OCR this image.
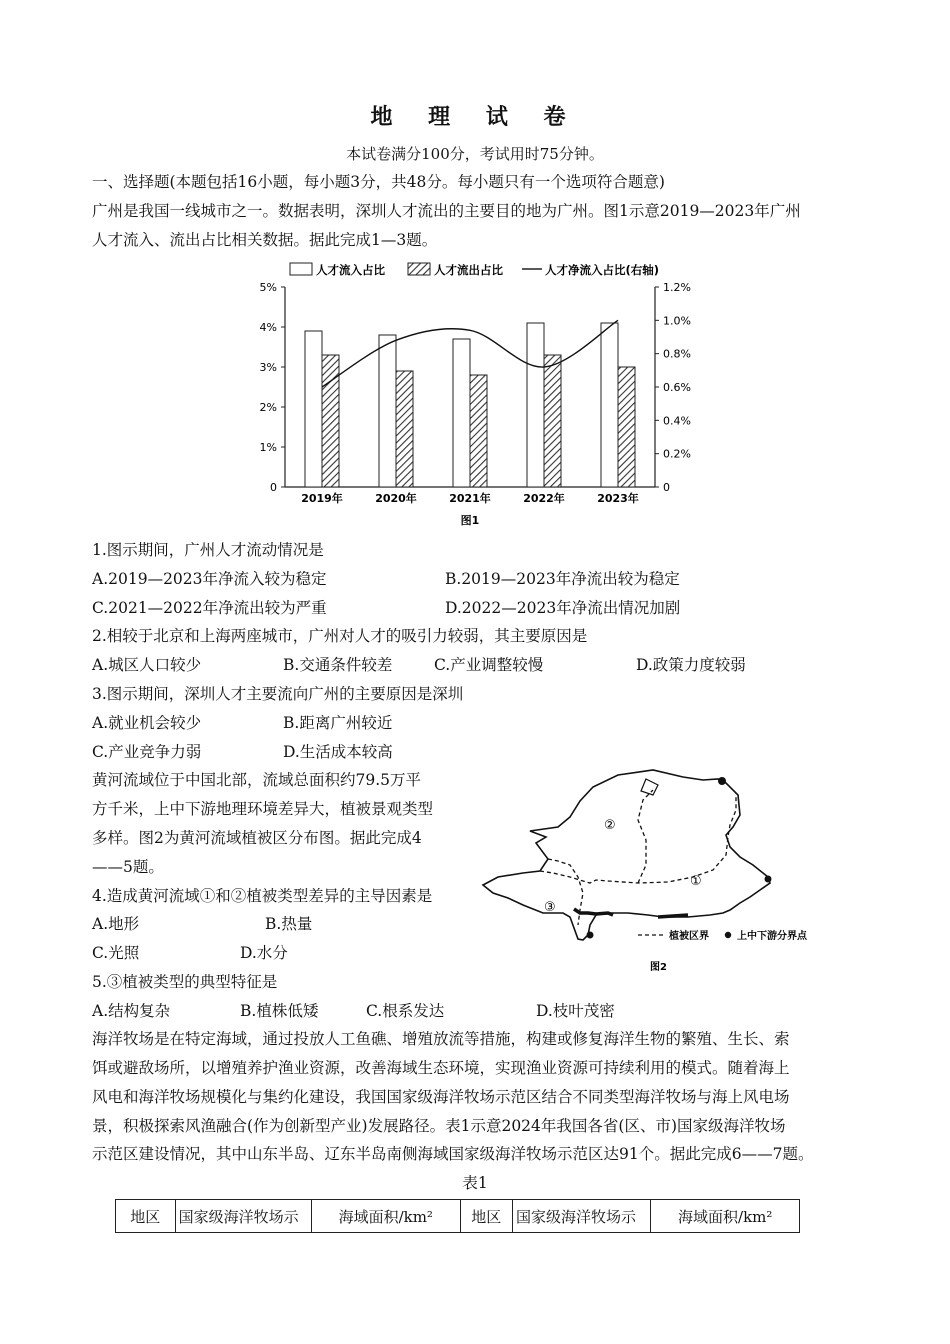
地 理 试 卷
本试卷满分100分，考试用时75分钟。
一、选择题(本题包括16小题，每小题3分，共48分。每小题只有一个选项符合题意)
广州是我国一线城市之一。数据表明，深圳人才流出的主要目的地为广州。图1示意2019—2023年广州
人才流入、流出占比相关数据。据此完成1—3题。
人才流入占比	人才流出占比	人才净流入占比(右轴)
0
1%
2%
3%
4%
5%
0
0.2%
0.4%
0.6%
0.8%
1.0%
1.2%
2019年	2020年	2021年	2022年	2023年
图1
1.图示期间，广州人才流动情况是
A.2019—2023年净流入较为稳定	B.2019—2023年净流出较为稳定
C.2021—2022年净流出较为严重	D.2022—2023年净流出情况加剧
2.相较于北京和上海两座城市，广州对人才的吸引力较弱，其主要原因是
A.城区人口较少	B.交通条件较差	C.产业调整较慢	D.政策力度较弱
3.图示期间，深圳人才主要流向广州的主要原因是深圳
A.就业机会较少	B.距离广州较近
C.产业竞争力弱	D.生活成本较高
黄河流域位于中国北部，流域总面积约79.5万平
方千米，上中下游地理环境差异大，植被景观类型
多样。图2为黄河流域植被区分布图。据此完成4
——5题。
②
①
③
植被区界	上中下游分界点
图2
4.造成黄河流域①和②植被类型差异的主导因素是
A.地形	B.热量
C.光照	D.水分
5.③植被类型的典型特征是
A.结构复杂	B.植株低矮	C.根系发达	D.枝叶茂密
海洋牧场是在特定海域，通过投放人工鱼礁、增殖放流等措施，构建或修复海洋生物的繁殖、生长、索
饵或避敌场所，以增殖养护渔业资源，改善海域生态环境，实现渔业资源可持续利用的模式。随着海上
风电和海洋牧场规模化与集约化建设，我国国家级海洋牧场示范区结合不同类型海洋牧场与海上风电场
景，积极探索风渔融合(作为创新型产业)发展路径。表1示意2024年我国各省(区、市)国家级海洋牧场
示范区建设情况，其中山东半岛、辽东半岛南侧海域国家级海洋牧场示范区达91个。据此完成6——7题。
表1
地区	国家级海洋牧场示	海域面积/km²	地区	国家级海洋牧场示	海域面积/km²
